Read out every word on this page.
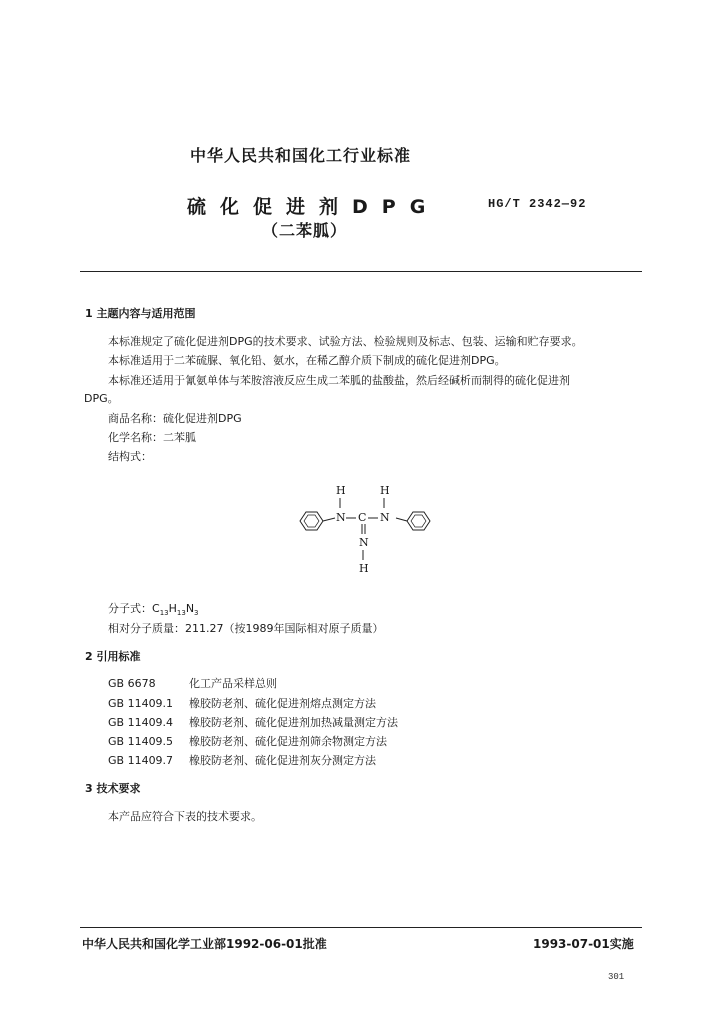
中华人民共和国化工行业标准
硫化促进剂DPG	HG/T 2342—92
（二苯胍）
1 主题内容与适用范围
本标准规定了硫化促进剂DPG的技术要求、试验方法、检验规则及标志、包装、运输和贮存要求。
本标准适用于二苯硫脲、氧化铅、氨水，在稀乙醇介质下制成的硫化促进剂DPG。
本标准还适用于氰氨单体与苯胺溶液反应生成二苯胍的盐酸盐，然后经碱析而制得的硫化促进剂
DPG。
商品名称：硫化促进剂DPG
化学名称：二苯胍
结构式：
H	H
N C N
N
H
分子式：$C_{13}H_{13}N_3$
相对分子质量：211.27（按1989年国际相对原子质量）
2 引用标准
GB 6678	化工产品采样总则
GB 11409.1 橡胶防老剂、硫化促进剂熔点测定方法
GB 11409.4 橡胶防老剂、硫化促进剂加热减量测定方法
GB 11409.5 橡胶防老剂、硫化促进剂筛余物测定方法
GB 11409.7 橡胶防老剂、硫化促进剂灰分测定方法
3 技术要求
本产品应符合下表的技术要求。
中华人民共和国化学工业部1992-06-01批准	1993-07-01实施
301
